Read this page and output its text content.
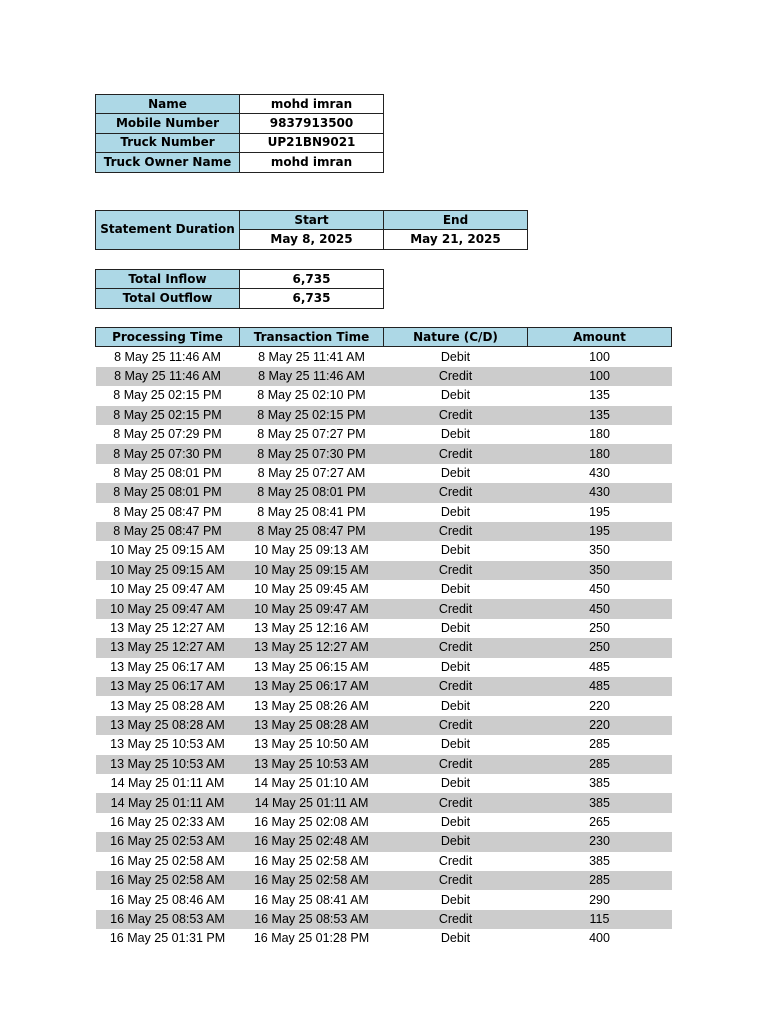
Name	mohd imran
Mobile Number	9837913500
Truck Number	UP21BN9021
Truck Owner Name	mohd imran
Statement Duration	Start	End
	May 8, 2025	May 21, 2025
Total Inflow	6,735
Total Outflow	6,735
Processing Time	Transaction Time	Nature (C/D)	Amount
8 May 25 11:46 AM	8 May 25 11:41 AM	Debit	100
8 May 25 11:46 AM	8 May 25 11:46 AM	Credit	100
8 May 25 02:15 PM	8 May 25 02:10 PM	Debit	135
8 May 25 02:15 PM	8 May 25 02:15 PM	Credit	135
8 May 25 07:29 PM	8 May 25 07:27 PM	Debit	180
8 May 25 07:30 PM	8 May 25 07:30 PM	Credit	180
8 May 25 08:01 PM	8 May 25 07:27 AM	Debit	430
8 May 25 08:01 PM	8 May 25 08:01 PM	Credit	430
8 May 25 08:47 PM	8 May 25 08:41 PM	Debit	195
8 May 25 08:47 PM	8 May 25 08:47 PM	Credit	195
10 May 25 09:15 AM	10 May 25 09:13 AM	Debit	350
10 May 25 09:15 AM	10 May 25 09:15 AM	Credit	350
10 May 25 09:47 AM	10 May 25 09:45 AM	Debit	450
10 May 25 09:47 AM	10 May 25 09:47 AM	Credit	450
13 May 25 12:27 AM	13 May 25 12:16 AM	Debit	250
13 May 25 12:27 AM	13 May 25 12:27 AM	Credit	250
13 May 25 06:17 AM	13 May 25 06:15 AM	Debit	485
13 May 25 06:17 AM	13 May 25 06:17 AM	Credit	485
13 May 25 08:28 AM	13 May 25 08:26 AM	Debit	220
13 May 25 08:28 AM	13 May 25 08:28 AM	Credit	220
13 May 25 10:53 AM	13 May 25 10:50 AM	Debit	285
13 May 25 10:53 AM	13 May 25 10:53 AM	Credit	285
14 May 25 01:11 AM	14 May 25 01:10 AM	Debit	385
14 May 25 01:11 AM	14 May 25 01:11 AM	Credit	385
16 May 25 02:33 AM	16 May 25 02:08 AM	Debit	265
16 May 25 02:53 AM	16 May 25 02:48 AM	Debit	230
16 May 25 02:58 AM	16 May 25 02:58 AM	Credit	385
16 May 25 02:58 AM	16 May 25 02:58 AM	Credit	285
16 May 25 08:46 AM	16 May 25 08:41 AM	Debit	290
16 May 25 08:53 AM	16 May 25 08:53 AM	Credit	115
16 May 25 01:31 PM	16 May 25 01:28 PM	Debit	400
